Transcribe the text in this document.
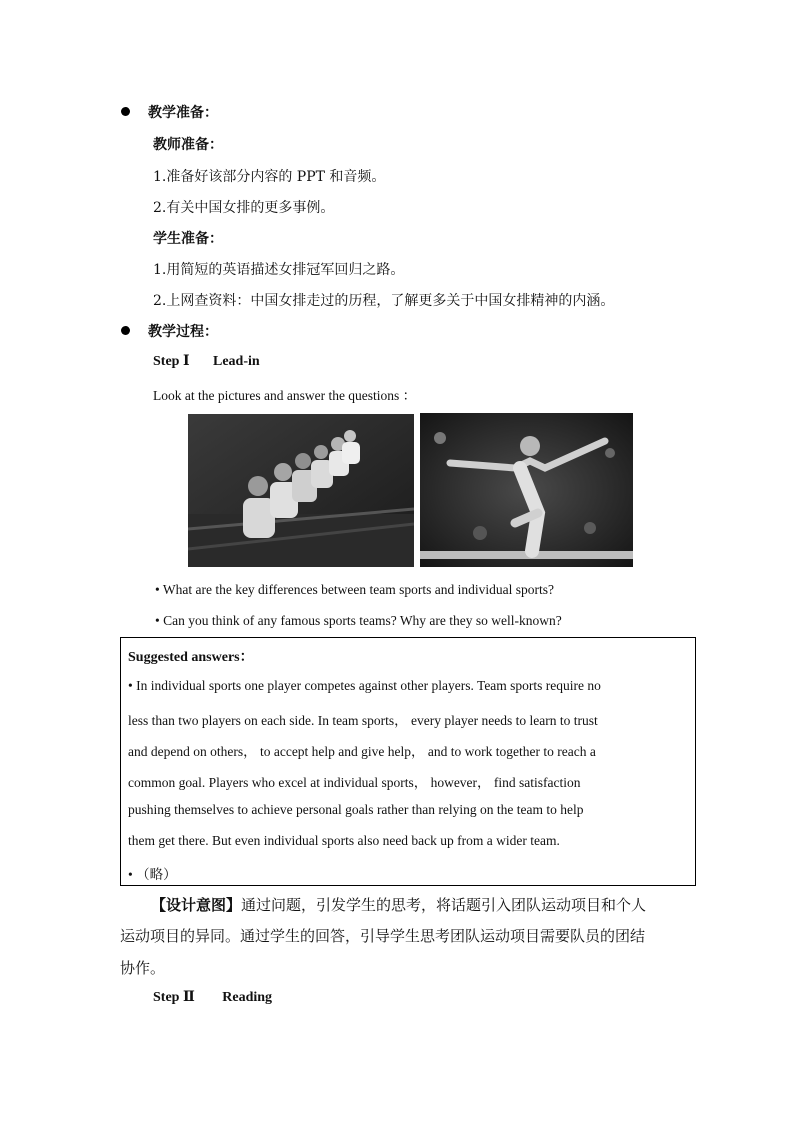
教学准备：
教师准备：
1.准备好该部分内容的 PPT 和音频。
2.有关中国女排的更多事例。
学生准备：
1.用简短的英语描述女排冠军回归之路。
2.上网查资料：中国女排走过的历程，了解更多关于中国女排精神的内涵。
教学过程：
Step Ⅰ Lead-in
Look at the pictures and answer the questions ：
• What are the key differences between team sports and individual sports?
• Can you think of any famous sports teams? Why are they so well-known?
Suggested answers：
• In individual sports one player competes against other players. Team sports require no
less than two players on each side. In team sports， every player needs to learn to trust
and depend on others， to accept help and give help， and to work together to reach a
common goal. Players who excel at individual sports， however， find satisfaction
pushing themselves to achieve personal goals rather than relying on the team to help
them get there. But even individual sports also need back up from a wider team.
• （略）
【设计意图】通过问题，引发学生的思考，将话题引入团队运动项目和个人
运动项目的异同。通过学生的回答，引导学生思考团队运动项目需要队员的团结
协作。
Step Ⅱ Reading
